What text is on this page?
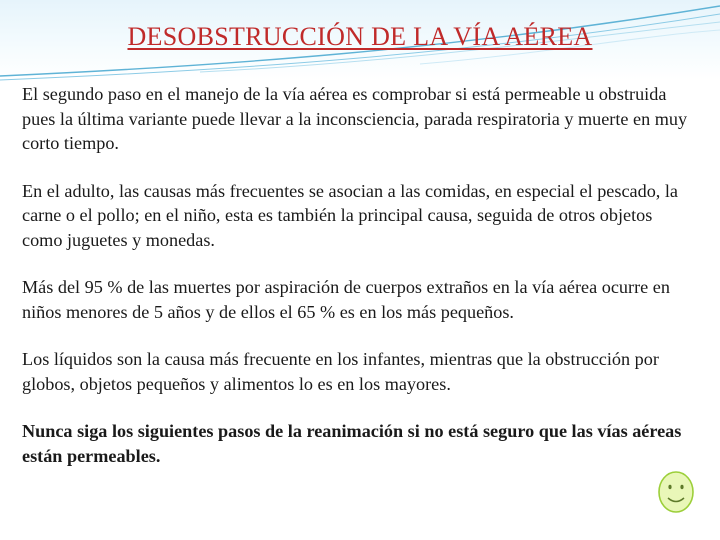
DESOBSTRUCCIÓN DE LA VÍA AÉREA

El segundo paso en el manejo de la vía aérea es comprobar si está permeable u obstruida pues la última variante puede llevar a la inconsciencia, parada respiratoria y muerte en muy corto tiempo.

En el adulto, las causas más frecuentes se asocian a las comidas, en especial el pescado, la carne o el pollo; en el niño, esta es también la principal causa, seguida de otros objetos como juguetes y monedas.

Más del 95 % de las muertes por aspiración de cuerpos extraños en la vía aérea ocurre en niños menores de 5 años y de ellos el 65 % es en los más pequeños.

Los líquidos son la causa más frecuente en los infantes, mientras que la obstrucción por globos, objetos pequeños y alimentos lo es en los mayores.

Nunca siga los siguientes pasos de la reanimación si no está seguro que las vías aéreas están permeables.
